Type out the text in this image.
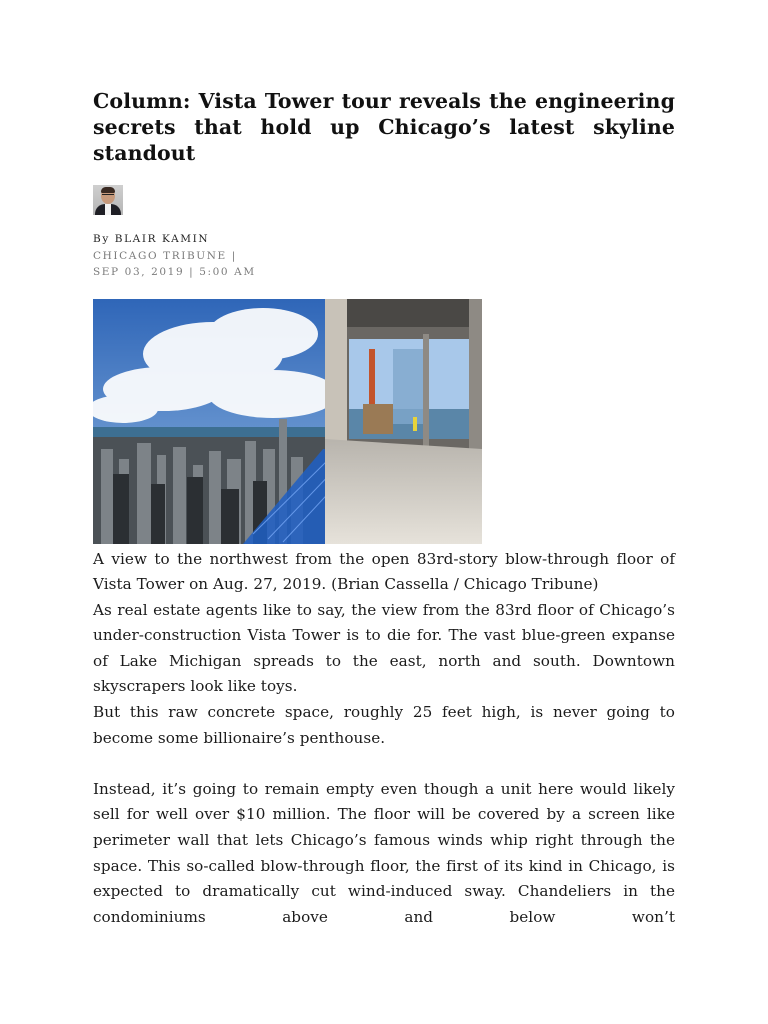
Column: Vista Tower tour reveals the engineering secrets that hold up Chicago’s latest skyline standout
By BLAIR KAMIN
CHICAGO TRIBUNE |
SEP 03, 2019 | 5:00 AM

A view to the northwest from the open 83rd-story blow-through floor of Vista Tower on Aug. 27, 2019. (Brian Cassella / Chicago Tribune)

As real estate agents like to say, the view from the 83rd floor of Chicago’s under-construction Vista Tower is to die for. The vast blue-green expanse of Lake Michigan spreads to the east, north and south. Downtown skyscrapers look like toys.

But this raw concrete space, roughly 25 feet high, is never going to become some billionaire’s penthouse.

Instead, it’s going to remain empty even though a unit here would likely sell for well over $10 million. The floor will be covered by a screen like perimeter wall that lets Chicago’s famous winds whip right through the space. This so-called blow-through floor, the first of its kind in Chicago, is expected to dramatically cut wind-induced sway. Chandeliers in the condominiums above and below won’t
